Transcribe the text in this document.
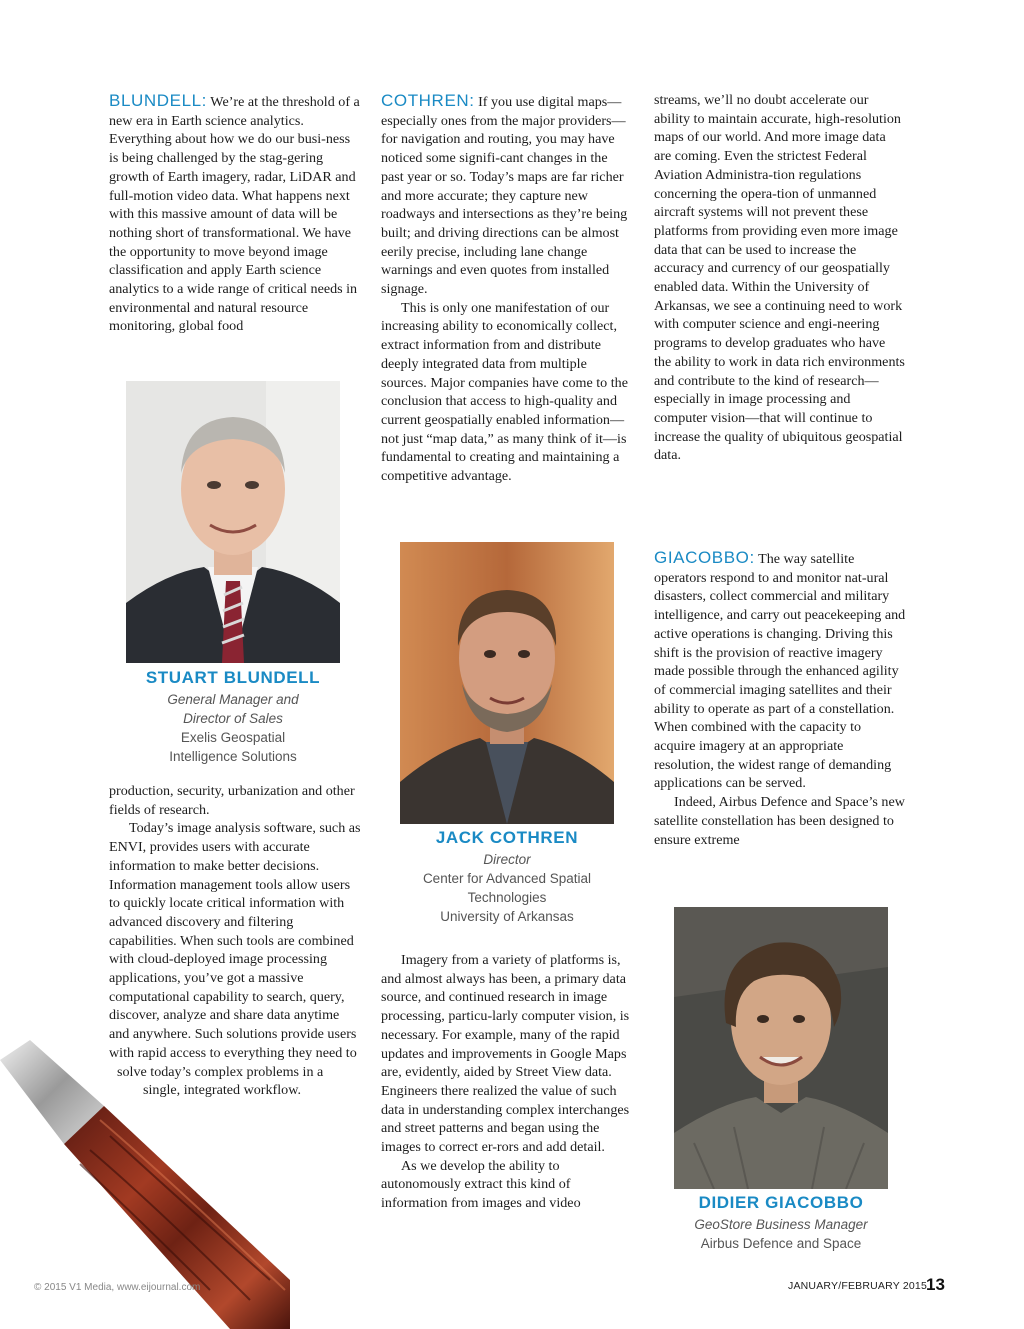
BLUNDELL: We’re at the threshold of a new era in Earth science analytics. Everything about how we do our busi-ness is being challenged by the stag-gering growth of Earth imagery, radar, LiDAR and full-motion video data. What happens next with this massive amount of data will be nothing short of transformational. We have the opportunity to move beyond image classification and apply Earth science analytics to a wide range of critical needs in environmental and natural resource monitoring, global food

STUART BLUNDELL
General Manager and
Director of Sales
Exelis Geospatial
Intelligence Solutions

production, security, urbanization and other fields of research.

Today’s image analysis software, such as ENVI, provides users with accurate information to make better decisions. Information management tools allow users to quickly locate critical information with advanced discovery and filtering capabilities. When such tools are combined with cloud-deployed image processing applications, you’ve got a massive computational capability to search, query, discover, analyze and share data anytime and anywhere. Such solutions provide users with rapid access to everything they need to

solve today’s complex problems in a

single, integrated workflow.

COTHREN: If you use digital maps—especially ones from the major providers—for navigation and routing, you may have noticed some signifi-cant changes in the past year or so. Today’s maps are far richer and more accurate; they capture new roadways and intersections as they’re being built; and driving directions can be almost eerily precise, including lane change warnings and even quotes from installed signage.

This is only one manifestation of our increasing ability to economically collect, extract information from and distribute deeply integrated data from multiple sources. Major companies have come to the conclusion that access to high-quality and current geospatially enabled information—not just “map data,” as many think of it—is fundamental to creating and maintaining a competitive advantage.

JACK COTHREN
Director
Center for Advanced Spatial
Technologies
University of Arkansas

Imagery from a variety of platforms is, and almost always has been, a primary data source, and continued research in image processing, particu-larly computer vision, is necessary. For example, many of the rapid updates and improvements in Google Maps are, evidently, aided by Street View data. Engineers there realized the value of such data in understanding complex interchanges and street patterns and began using the images to correct er-rors and add detail.

As we develop the ability to autonomously extract this kind of information from images and video

streams, we’ll no doubt accelerate our ability to maintain accurate, high-resolution maps of our world. And more image data are coming. Even the strictest Federal Aviation Administra-tion regulations concerning the opera-tion of unmanned aircraft systems will not prevent these platforms from providing even more image data that can be used to increase the accuracy and currency of our geospatially enabled data. Within the University of Arkansas, we see a continuing need to work with computer science and engi-neering programs to develop graduates who have the ability to work in data rich environments and contribute to the kind of research—especially in image processing and computer vision—that will continue to increase the quality of ubiquitous geospatial data.

GIACOBBO: The way satellite operators respond to and monitor nat-ural disasters, collect commercial and military intelligence, and carry out peacekeeping and active operations is changing. Driving this shift is the provision of reactive imagery made possible through the enhanced agility of commercial imaging satellites and their ability to operate as part of a constellation. When combined with the capacity to acquire imagery at an appropriate resolution, the widest range of demanding applications can be served.

Indeed, Airbus Defence and Space’s new satellite constellation has been designed to ensure extreme

DIDIER GIACOBBO
GeoStore Business Manager
Airbus Defence and Space
© 2015 V1 Media, www.eijournal.com	JANUARY/FEBRUARY 2015
13
